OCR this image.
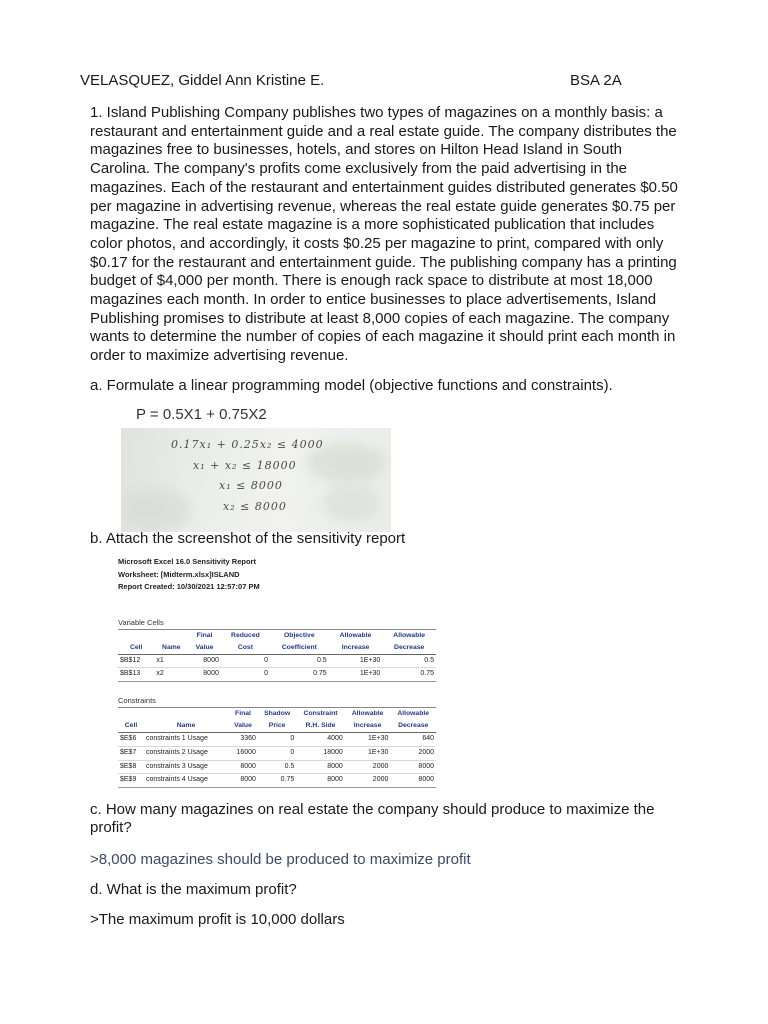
VELASQUEZ, Giddel Ann Kristine E.	BSA 2A

1. Island Publishing Company publishes two types of magazines on a monthly basis: a restaurant and entertainment guide and a real estate guide. The company distributes the magazines free to businesses, hotels, and stores on Hilton Head Island in South Carolina. The company's profits come exclusively from the paid advertising in the magazines. Each of the restaurant and entertainment guides distributed generates $0.50 per magazine in advertising revenue, whereas the real estate guide generates $0.75 per magazine. The real estate magazine is a more sophisticated publication that includes color photos, and accordingly, it costs $0.25 per magazine to print, compared with only $0.17 for the restaurant and entertainment guide. The publishing company has a printing budget of $4,000 per month. There is enough rack space to distribute at most 18,000 magazines each month. In order to entice businesses to place advertisements, Island Publishing promises to distribute at least 8,000 copies of each magazine. The company wants to determine the number of copies of each magazine it should print each month in order to maximize advertising revenue.

a. Formulate a linear programming model (objective functions and constraints).

P = 0.5X1 + 0.75X2
0.17x₁ + 0.25x₂ ≤ 4000
x₁ + x₂ ≤ 18000
x₁ ≤ 8000
x₂ ≤ 8000

b. Attach the screenshot of the sensitivity report

Microsoft Excel 16.0 Sensitivity Report
Worksheet: [Midterm.xlsx]ISLAND
Report Created: 10/30/2021 12:57:07 PM
Variable Cells
		Final	Reduced	Objective	Allowable	Allowable
Cell	Name	Value	Cost	Coefficient	Increase	Decrease
$B$12	x1	8000	0	0.5	1E+30	0.5
$B$13	x2	8000	0	0.75	1E+30	0.75
Constraints
		Final	Shadow	Constraint	Allowable	Allowable
Cell	Name	Value	Price	R.H. Side	Increase	Decrease
$E$6	constraints 1 Usage	3360	0	4000	1E+30	640
$E$7	constraints 2 Usage	16000	0	18000	1E+30	2000
$E$8	constraints 3 Usage	8000	0.5	8000	2000	8000
$E$9	constraints 4 Usage	8000	0.75	8000	2000	8000

c. How many magazines on real estate the company should produce to maximize the profit?

>8,000 magazines should be produced to maximize profit

d. What is the maximum profit?

>The maximum profit is 10,000 dollars
